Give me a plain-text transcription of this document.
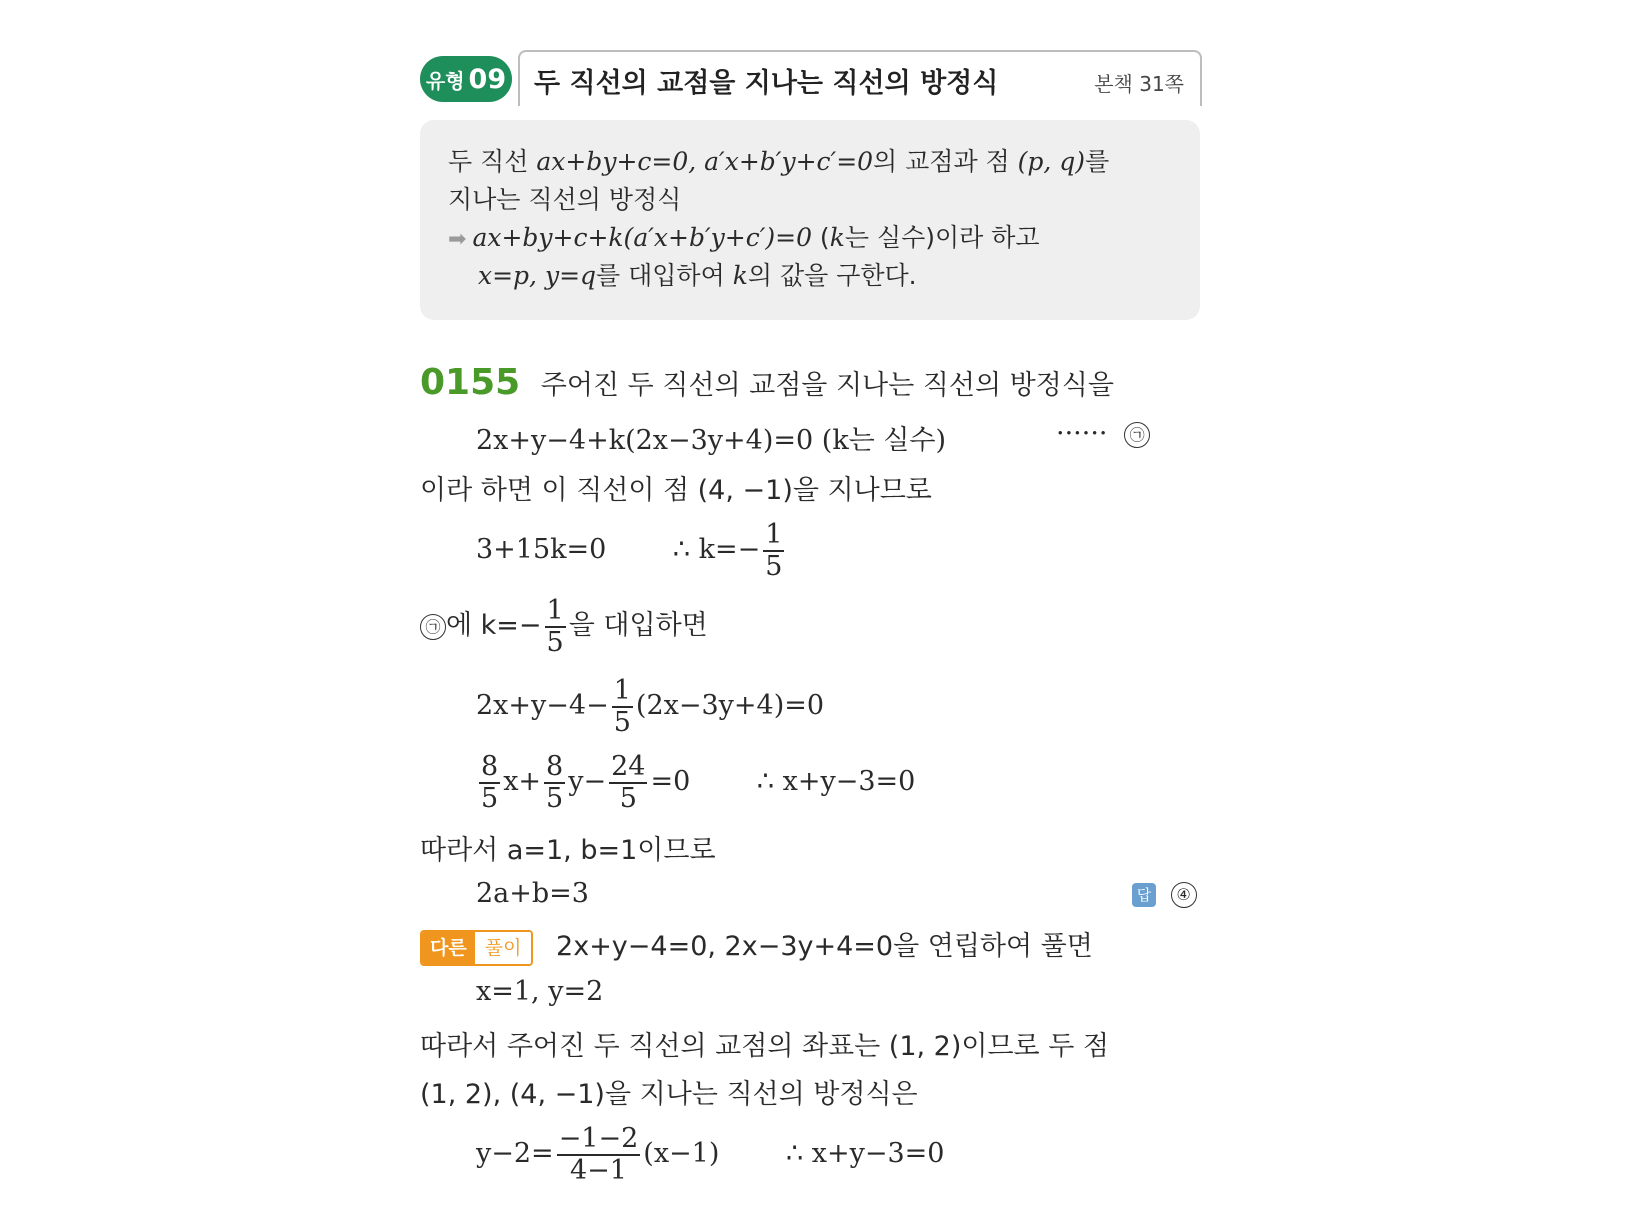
유형 09 두 직선의 교점을 지나는 직선의 방정식	본책 31쪽
두 직선 ax+by+c=0, a′x+b′y+c′=0의 교점과 점 (p, q)를
지나는 직선의 방정식
➡ ax+by+c+k(a′x+b′y+c′)=0 (k는 실수)이라 하고
x=p, y=q를 대입하여 k의 값을 구한다.
0155 주어진 두 직선의 교점을 지나는 직선의 방정식을
2x+y−4+k(2x−3y+4)=0 (k는 실수)	······ ㉠
이라 하면 이 직선이 점 (4, −1)을 지나므로
3+15k=0 ∴ $k=- \frac{1}{5}$
㉠ 에 $k=- \frac{1}{5}$ 을 대입하면
$2x+y-4- \frac{1}{5} (2x-3y+4)=0$
$\frac{8}{5} x+ \frac{8}{5} y- \frac{24}{5} =0$ ∴ x+y−3=0
따라서 a=1, b=1이므로
2a+b=3	답 ④
다른 풀이	2x+y−4=0, 2x−3y+4=0을 연립하여 풀면
x=1, y=2
따라서 주어진 두 직선의 교점의 좌표는 (1, 2)이므로 두 점
(1, 2), (4, −1)을 지나는 직선의 방정식은
$y-2= \frac{-1-2}{4-1} (x-1)$ ∴ x+y−3=0
